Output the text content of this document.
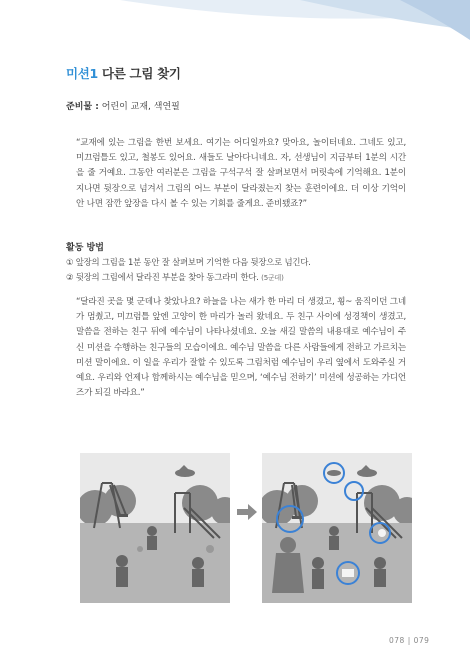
미션1 다른 그림 찾기
준비물 : 어린이 교재, 색연필
“교재에 있는 그림을 한번 보세요. 여기는 어디일까요? 맞아요, 놀이터네요. 그네도 있고, 미끄럼틀도 있고, 철봉도 있어요. 새들도 날아다니네요. 자, 선생님이 지금부터 1분의 시간을 줄 거예요. 그동안 여러분은 그림을 구석구석 잘 살펴보면서 머릿속에 기억해요. 1분이 지나면 뒷장으로 넘겨서 그림의 어느 부분이 달라졌는지 찾는 훈련이에요. 더 이상 기억이 안 나면 잠깐 앞장을 다시 볼 수 있는 기회를 줄게요. 준비됐죠?”
활동 방법
① 앞장의 그림을 1분 동안 잘 살펴보며 기억한 다음 뒷장으로 넘긴다.
② 뒷장의 그림에서 달라진 부분을 찾아 동그라미 한다. (5군데)
“달라진 곳을 몇 군데나 찾았나요? 하늘을 나는 새가 한 마리 더 생겼고, 휭~ 움직이던 그네가 멈췄고, 미끄럼틀 앞엔 고양이 한 마리가 놀러 왔네요. 두 친구 사이에 성경책이 생겼고, 말씀을 전하는 친구 뒤에 예수님이 나타나셨네요. 오늘 새길 말씀의 내용대로 예수님이 주신 미션을 수행하는 친구들의 모습이에요. 예수님 말씀을 다른 사람들에게 전하고 가르치는 미션 말이에요. 이 일을 우리가 잘할 수 있도록 그림처럼 예수님이 우리 옆에서 도와주실 거예요. 우리와 언제나 함께하시는 예수님을 믿으며, ‘예수님 전하기’ 미션에 성공하는 가디언즈가 되길 바라요.”
078 | 079
